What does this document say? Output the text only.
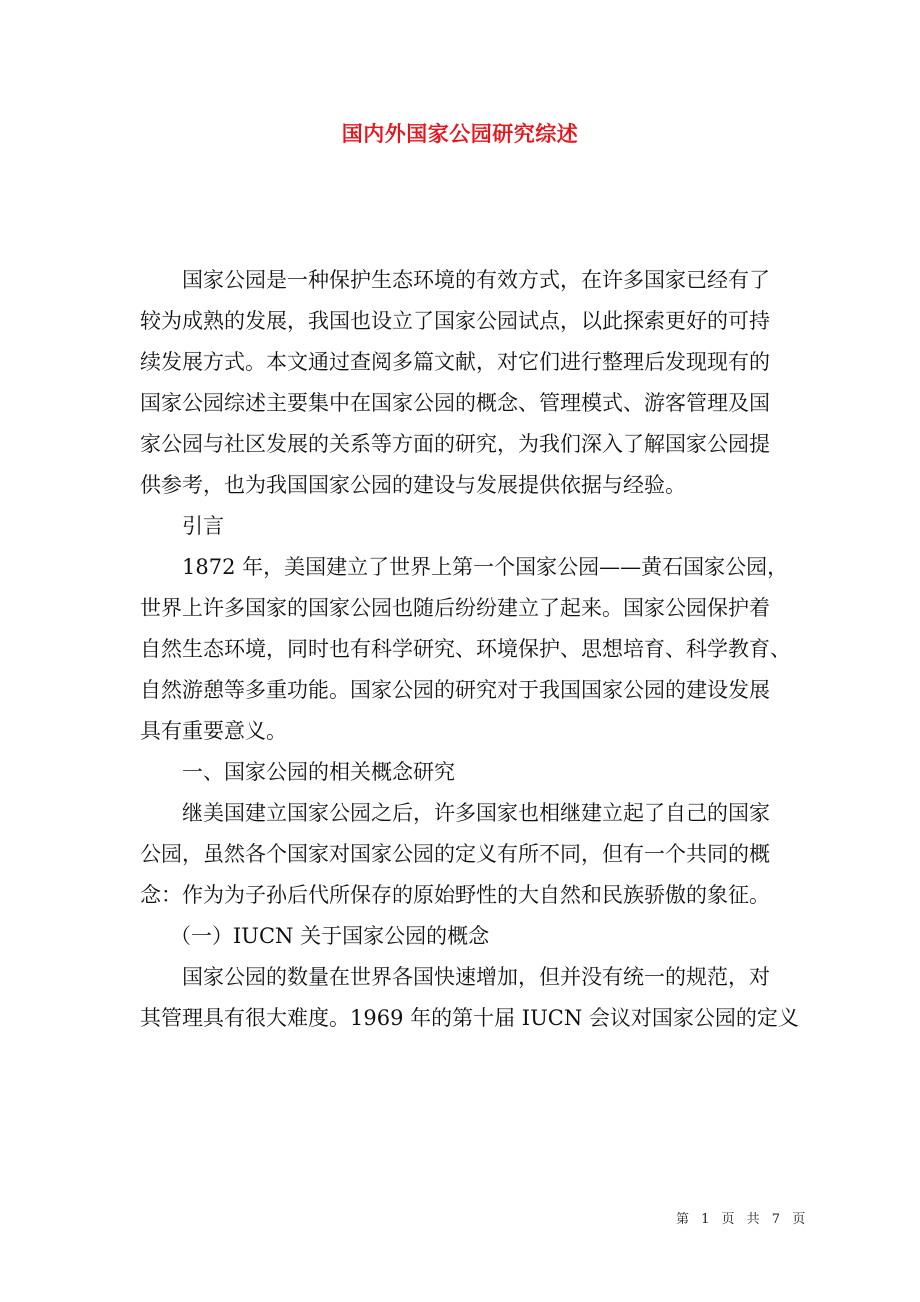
国内外国家公园研究综述

国家公园是一种保护生态环境的有效方式，在许多国家已经有了
较为成熟的发展，我国也设立了国家公园试点，以此探索更好的可持
续发展方式。本文通过查阅多篇文献，对它们进行整理后发现现有的
国家公园综述主要集中在国家公园的概念、管理模式、游客管理及国
家公园与社区发展的关系等方面的研究，为我们深入了解国家公园提
供参考，也为我国国家公园的建设与发展提供依据与经验。

引言

1872 年，美国建立了世界上第一个国家公园——黄石国家公园，
世界上许多国家的国家公园也随后纷纷建立了起来。国家公园保护着
自然生态环境，同时也有科学研究、环境保护、思想培育、科学教育、
自然游憩等多重功能。国家公园的研究对于我国国家公园的建设发展
具有重要意义。

一、国家公园的相关概念研究

继美国建立国家公园之后，许多国家也相继建立起了自己的国家
公园，虽然各个国家对国家公园的定义有所不同，但有一个共同的概
念：作为为子孙后代所保存的原始野性的大自然和民族骄傲的象征。

（一）IUCN 关于国家公园的概念

国家公园的数量在世界各国快速增加，但并没有统一的规范，对
其管理具有很大难度。1969 年的第十届 IUCN 会议对国家公园的定义

第 1 页 共 7 页
